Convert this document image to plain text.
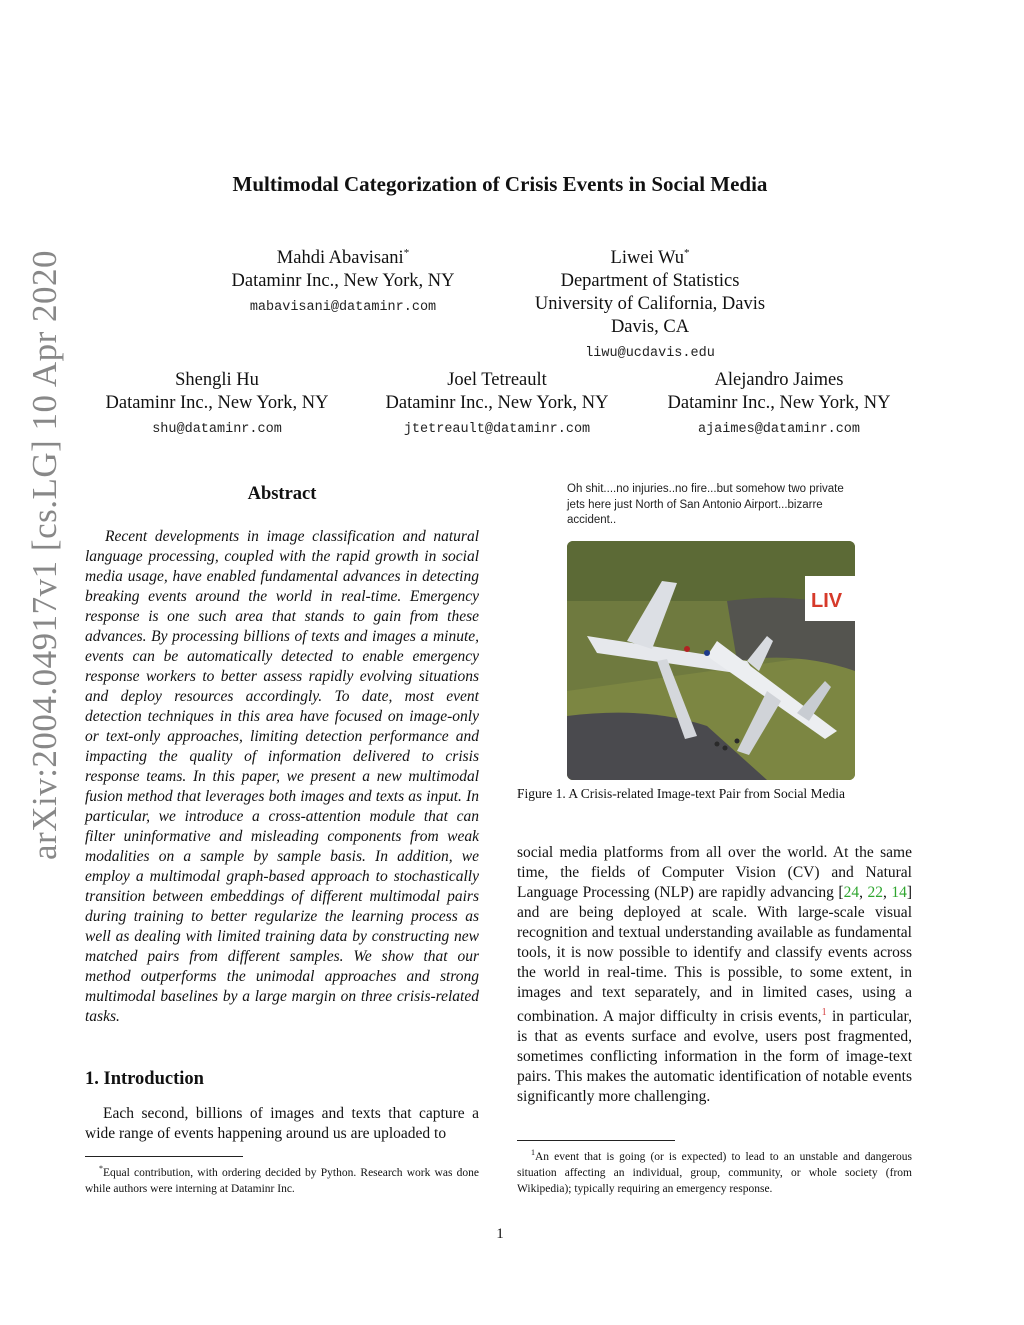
arXiv:2004.04917v1 [cs.LG] 10 Apr 2020
Multimodal Categorization of Crisis Events in Social Media
Mahdi Abavisani*
Dataminr Inc., New York, NY
mabavisani@dataminr.com
Liwei Wu*
Department of Statistics
University of California, Davis
Davis, CA
liwu@ucdavis.edu
Shengli Hu
Dataminr Inc., New York, NY
shu@dataminr.com
Joel Tetreault
Dataminr Inc., New York, NY
jtetreault@dataminr.com
Alejandro Jaimes
Dataminr Inc., New York, NY
ajaimes@dataminr.com
Abstract
Recent developments in image classification and natural language processing, coupled with the rapid growth in social media usage, have enabled fundamental advances in detecting breaking events around the world in real-time. Emergency response is one such area that stands to gain from these advances. By processing billions of texts and images a minute, events can be automatically detected to enable emergency response workers to better assess rapidly evolving situations and deploy resources accordingly. To date, most event detection techniques in this area have focused on image-only or text-only approaches, limiting detection performance and impacting the quality of information delivered to crisis response teams. In this paper, we present a new multimodal fusion method that leverages both images and texts as input. In particular, we introduce a cross-attention module that can filter uninformative and misleading components from weak modalities on a sample by sample basis. In addition, we employ a multimodal graph-based approach to stochastically transition between embeddings of different multimodal pairs during training to better regularize the learning process as well as dealing with limited training data by constructing new matched pairs from different samples. We show that our method outperforms the unimodal approaches and strong multimodal baselines by a large margin on three crisis-related tasks.
1. Introduction
Each second, billions of images and texts that capture a wide range of events happening around us are uploaded to
*Equal contribution, with ordering decided by Python. Research work was done while authors were interning at Dataminr Inc.
Oh shit....no injuries..no fire...but somehow two private jets here just North of San Antonio Airport...bizarre accident..
LIV
Figure 1. A Crisis-related Image-text Pair from Social Media
social media platforms from all over the world. At the same time, the fields of Computer Vision (CV) and Natural Language Processing (NLP) are rapidly advancing [24, 22, 14] and are being deployed at scale. With large-scale visual recognition and textual understanding available as fundamental tools, it is now possible to identify and classify events across the world in real-time. This is possible, to some extent, in images and text separately, and in limited cases, using a combination. A major difficulty in crisis events,$^1$ in particular, is that as events surface and evolve, users post fragmented, sometimes conflicting information in the form of image-text pairs. This makes the automatic identification of notable events significantly more challenging.
$^1$An event that is going (or is expected) to lead to an unstable and dangerous situation affecting an individual, group, community, or whole society (from Wikipedia); typically requiring an emergency response.
1
